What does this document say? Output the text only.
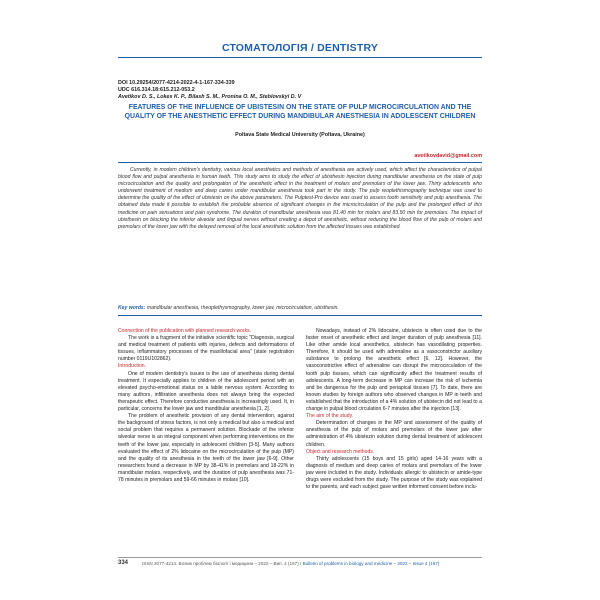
СТОМАТОЛОГІЯ / DENTISTRY
DOI 10.29254/2077-4214-2022-4-1-167-334-339
UDC 616.314.18:615.212-053.2
Avetikov D. S., Lokes K. P., Bilash S. M., Pronina O. M., Steblovskyi D. V
FEATURES OF THE INFLUENCE OF UBISTESIN ON THE STATE OF PULP MICROCIRCULATION AND THE QUALITY OF THE ANESTHETIC EFFECT DURING MANDIBULAR ANESTHESIA IN ADOLESCENT CHILDREN
Poltava State Medical University (Poltava, Ukraine)
avetikovdavid@gmail.com
Currently, in modern children's dentistry, various local anesthetics and methods of anesthesia are actively used, which affect the characteristics of pulpal blood flow and pulpal anesthesia in human teeth. This study aims to study the effect of ubisthesin injection during mandibular anesthesia on the state of pulp microcirculation and the quality and prolongation of the anesthetic effect in the treatment of molars and premolars of the lower jaw. Thirty adolescents who underwent treatment of medium and deep caries under mandibular anesthesia took part in the study. The pulp reoplethismography technique was used to determine the quality of the effect of ubistesin on the above parameters. The Pulptest-Pro device was used to assess tooth sensitivity and pulp anesthesia. The obtained data made it possible to establish the probable absence of significant changes in the microcirculation of the pulp and the prolonged effect of this medicine on pain sensations and pain syndrome. The duration of mandibular anesthesia was 81.40 min for molars and 83.50 min for premolars. The impact of ubisthesin on blocking the inferior alveolar and lingual nerves without creating a depot of anesthetic, without reducing the blood flow of the pulp of molars and premolars of the lower jaw with the delayed removal of the local anesthetic solution from the affected tissues was established.
Key words: mandibular anesthesia, rheoplethysmography, lower jaw, microcirculation, ubisthesin.
Connection of the publication with planned research works.

The work is a fragment of the initiative scientific topic "Diagnosis, surgical and medical treatment of patients with injuries, defects and deformations of tissues, inflammatory processes of the maxillofacial area" (state registration number 0119U102862).

Introduction.

One of modern dentistry's issues is the use of anesthesia during dental treatment. It especially applies to children of the adolescent period with an elevated psycho-emotional status on a labile nervous system. According to many authors, infiltration anesthesia does not always bring the expected therapeutic effect. Therefore conductive anesthesia is increasingly used. It, in particular, concerns the lower jaw and mandibular anesthesia [1, 2].

The problem of anesthetic provision of any dental intervention, against the background of stress factors, is not only a medical but also a medical and social problem that requires a permanent solution. Blockade of the inferior alveolar nerve is an integral component when performing interventions on the teeth of the lower jaw, especially in adolescent children [3-5]. Many authors evaluated the effect of 2% lidocaine on the microcirculation of the pulp (MP) and the quality of its anesthesia in the teeth of the lower jaw [6-9]. Other researchers found a decrease in MP by 38-41% in premolars and 18-22% in mandibular molars, respectively, and the duration of pulp anesthesia was 71-78 minutes in premolars and 59-66 minutes in molars [10].

Nowadays, instead of 2% lidocaine, ubistecin is often used due to the faster onset of anesthetic effect and longer duration of pulp anesthesia [11]. Like other amide local anesthetics, ubistecin has vasodilating properties. Therefore, it should be used with adrenaline as a vasoconstrictor auxiliary substance to prolong the anesthetic effect [6, 12]. However, the vasoconstrictive effect of adrenaline can disrupt the microcirculation of the tooth pulp tissues, which can significantly affect the treatment results of adolescents. A long-term decrease in MP can increase the risk of ischemia and be dangerous for the pulp and periapical tissues [7]. To date, there are known studies by foreign authors who observed changes in MP in teeth and established that the introduction of a 4% solution of ubistecin did not lead to a change in pulpal blood circulation 6-7 minutes after the injection [13].

The aim of the study.

Determination of changes in the MP and assessment of the quality of anesthesia of the pulp of molars and premolars of the lower jaw after administration of 4% ubistezin solution during dental treatment of adolescent children.

Object and research methods.

Thirty adolescents (15 boys and 15 girls) aged 14-16 years with a diagnosis of medium and deep caries of molars and premolars of the lower jaw were included in the study. Individuals allergic to ubistecin or amide-type drugs were excluded from the study. The purpose of the study was explained to the parents, and each subject gave written informed consent before inclu-

334	ISSN 2077-4214. Вісник проблем біології і медицини – 2022 – Вип. 4 (167) / Bulletin of problems in biology and medicine – 2022 – Issue 4 (167)
